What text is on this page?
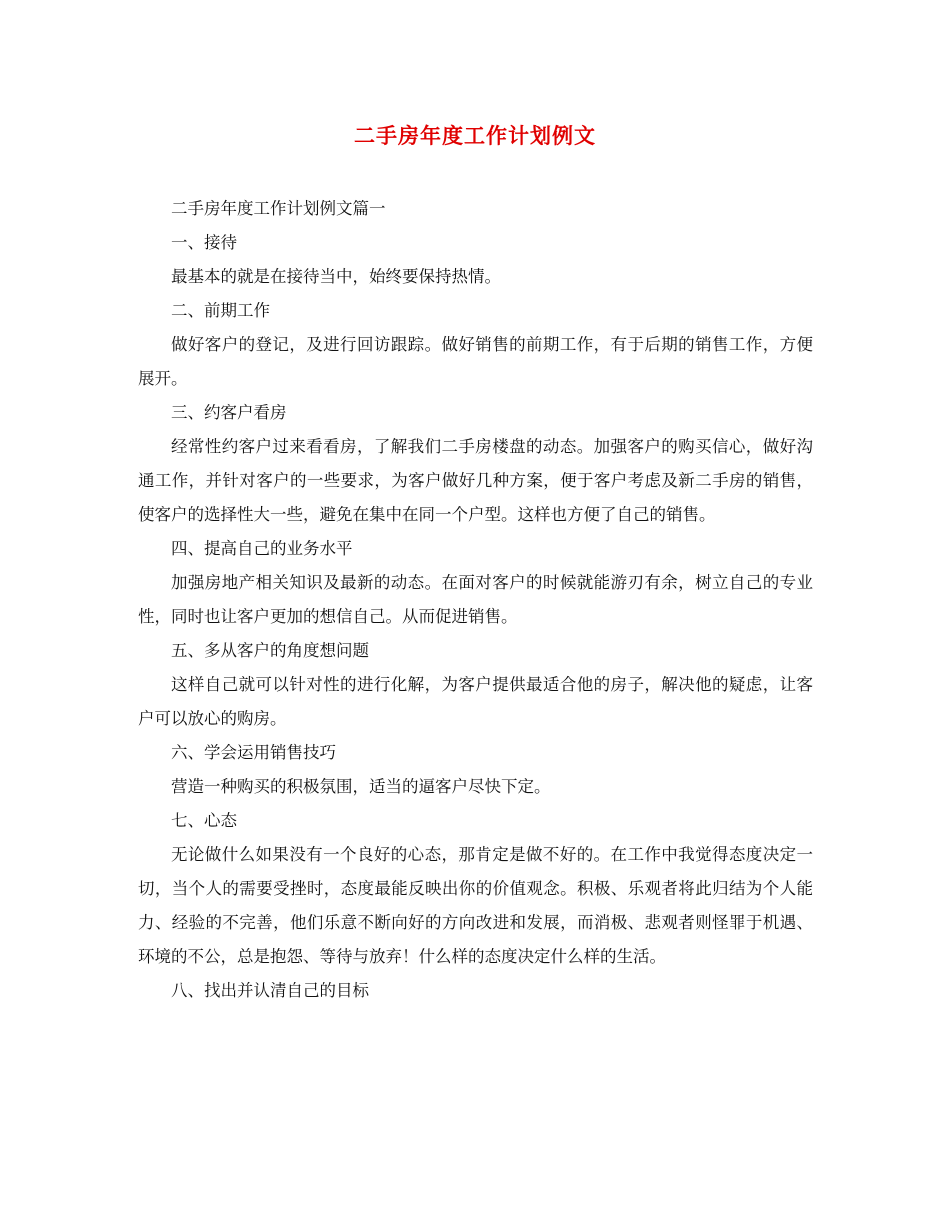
二手房年度工作计划例文

二手房年度工作计划例文篇一

一、接待

最基本的就是在接待当中，始终要保持热情。

二、前期工作

做好客户的登记，及进行回访跟踪。做好销售的前期工作，有于后期的销售工作，方便展开。

三、约客户看房

经常性约客户过来看看房，了解我们二手房楼盘的动态。加强客户的购买信心，做好沟通工作，并针对客户的一些要求，为客户做好几种方案，便于客户考虑及新二手房的销售，使客户的选择性大一些，避免在集中在同一个户型。这样也方便了自己的销售。

四、提高自己的业务水平

加强房地产相关知识及最新的动态。在面对客户的时候就能游刃有余，树立自己的专业性，同时也让客户更加的想信自己。从而促进销售。

五、多从客户的角度想问题

这样自己就可以针对性的进行化解，为客户提供最适合他的房子，解决他的疑虑，让客户可以放心的购房。

六、学会运用销售技巧

营造一种购买的积极氛围，适当的逼客户尽快下定。

七、心态

无论做什么如果没有一个良好的心态，那肯定是做不好的。在工作中我觉得态度决定一切，当个人的需要受挫时，态度最能反映出你的价值观念。积极、乐观者将此归结为个人能力、经验的不完善，他们乐意不断向好的方向改进和发展，而消极、悲观者则怪罪于机遇、环境的不公，总是抱怨、等待与放弃！什么样的态度决定什么样的生活。

八、找出并认清自己的目标
